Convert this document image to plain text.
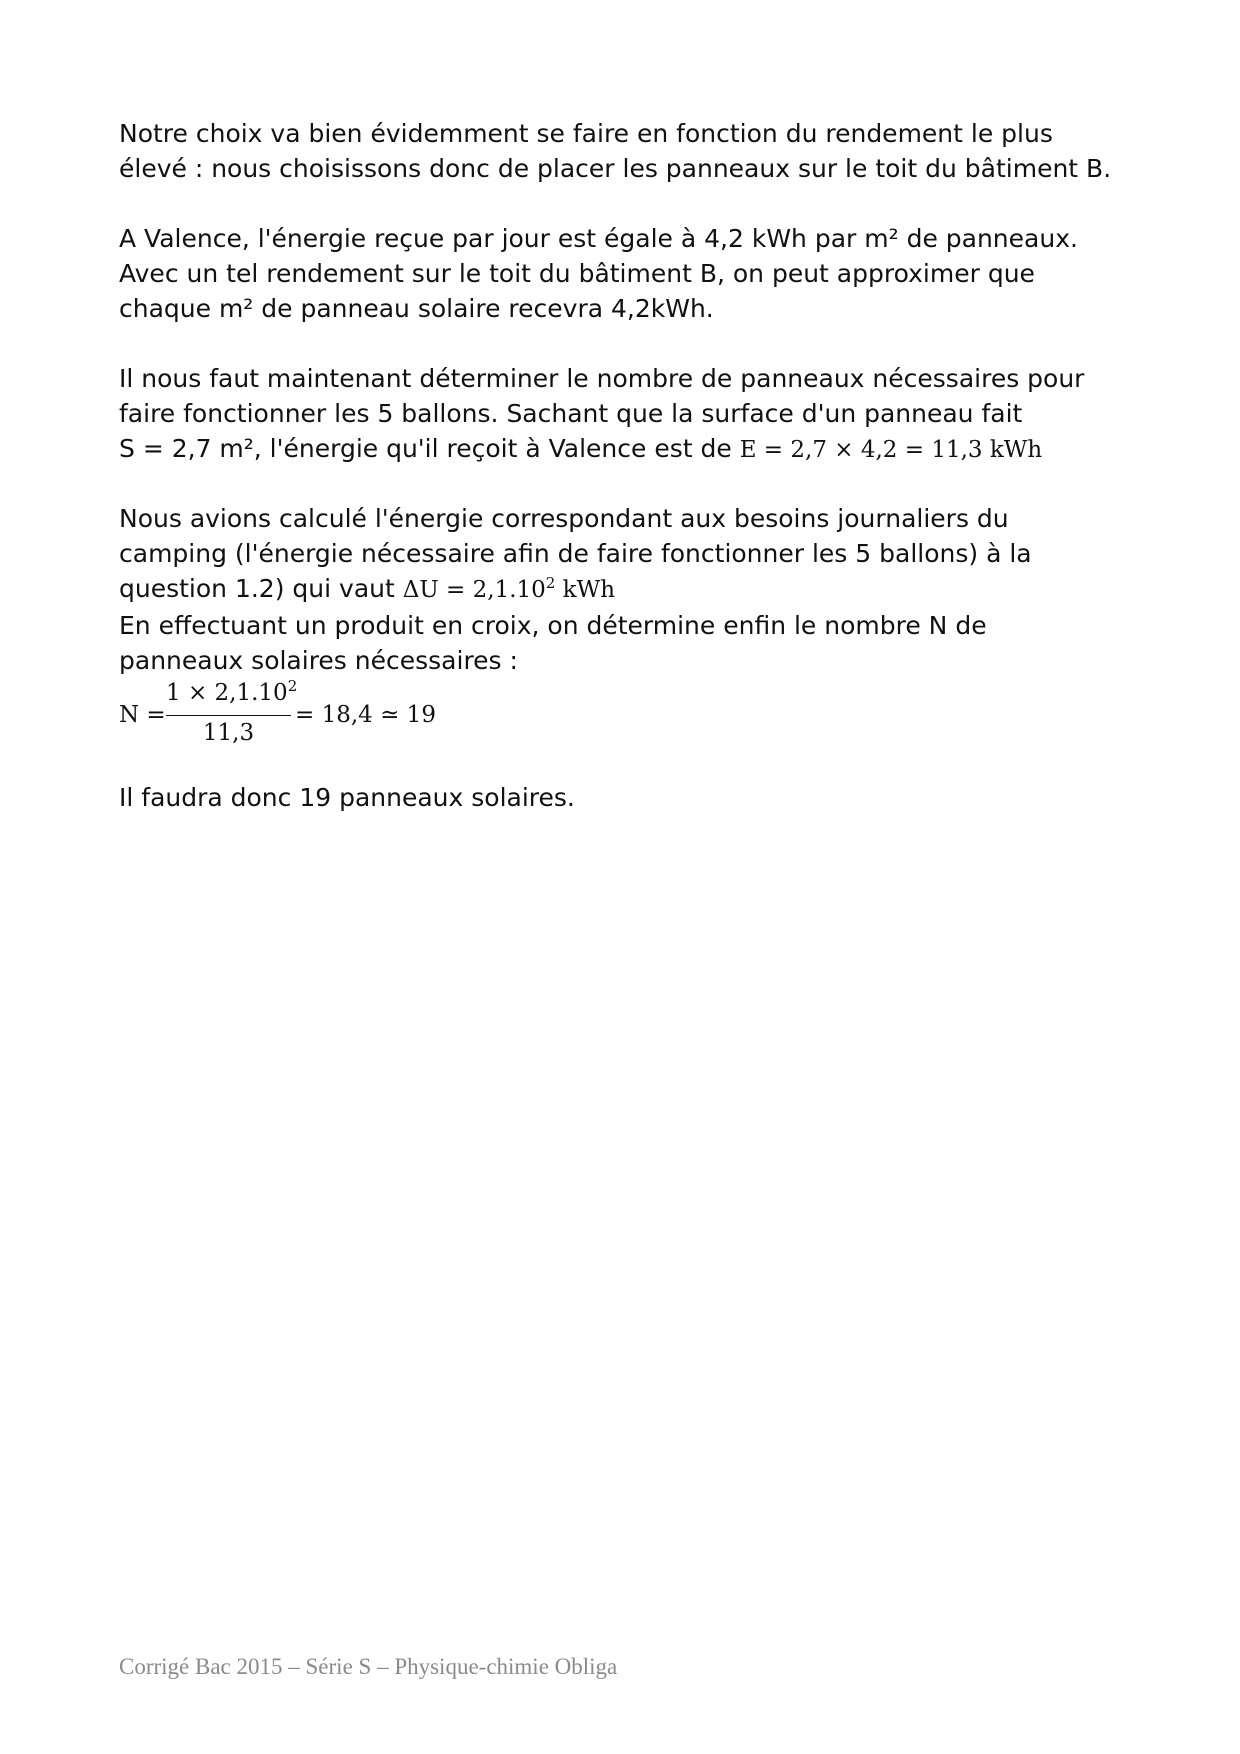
Notre choix va bien évidemment se faire en fonction du rendement le plus
élevé : nous choisissons donc de placer les panneaux sur le toit du bâtiment B.
A Valence, l'énergie reçue par jour est égale à 4,2 kWh par m² de panneaux.
Avec un tel rendement sur le toit du bâtiment B, on peut approximer que
chaque m² de panneau solaire recevra 4,2kWh.
Il nous faut maintenant déterminer le nombre de panneaux nécessaires pour
faire fonctionner les 5 ballons. Sachant que la surface d'un panneau fait
S = 2,7 m², l'énergie qu'il reçoit à Valence est de E = 2,7 × 4,2 = 11,3 kWh
Nous avions calculé l'énergie correspondant aux besoins journaliers du
camping (l'énergie nécessaire afin de faire fonctionner les 5 ballons) à la
question 1.2) qui vaut $\Delta U = 2,1.10^2$ kWh
En effectuant un produit en croix, on détermine enfin le nombre N de
panneaux solaires nécessaires :
N =
$1 \times 2,1.10^2$
11,3
= 18,4 ≃ 19
Il faudra donc 19 panneaux solaires.
Corrigé Bac 2015 – Série S – Physique-chimie Obliga
